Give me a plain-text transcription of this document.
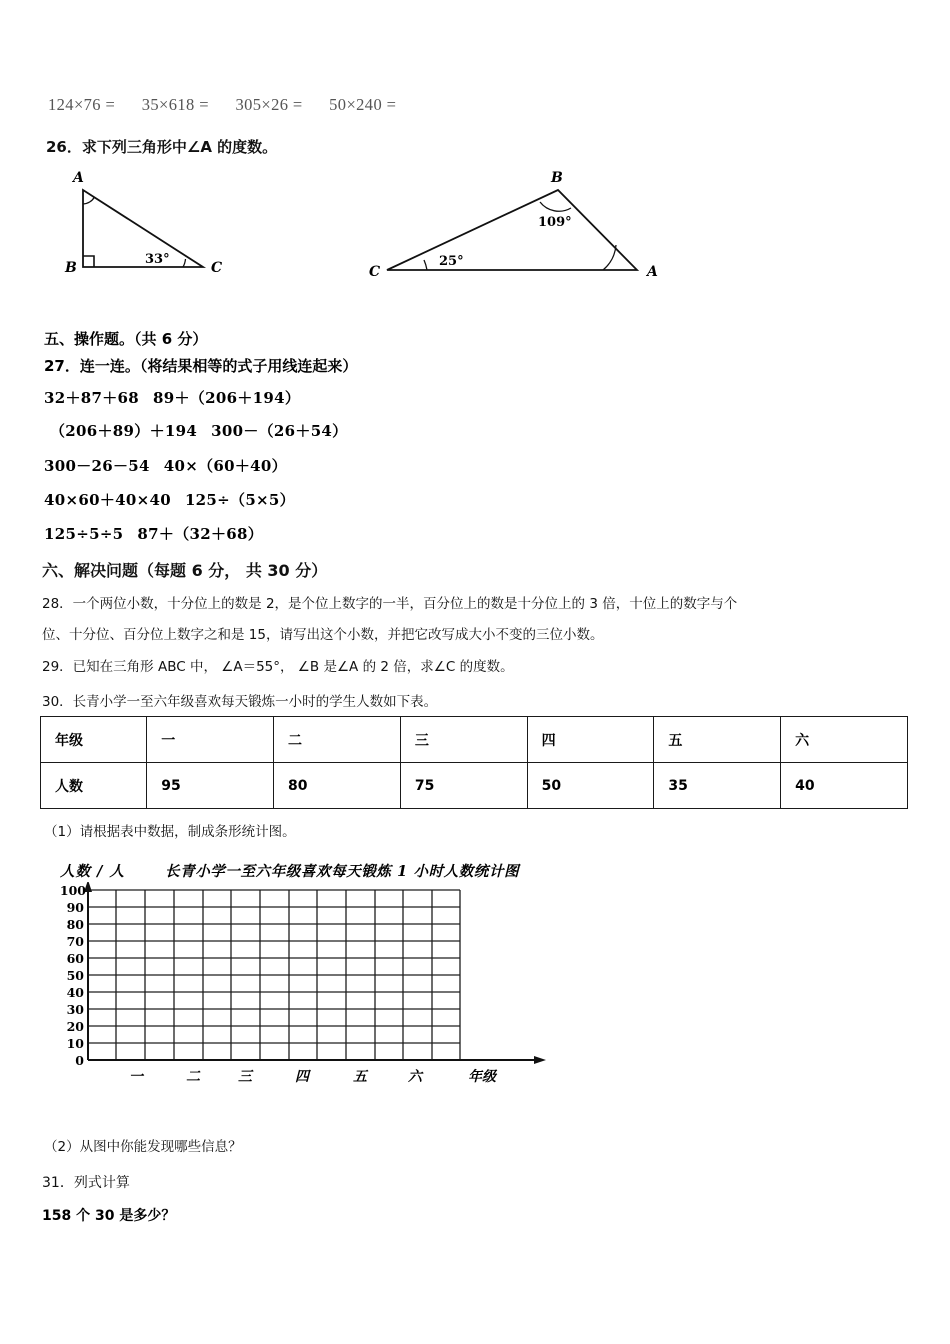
124×76 = 35×618 = 305×26 = 50×240 =
26．求下列三角形中∠A 的度数。
A
B	C
33°
B
C	A
109°
25°
五、操作题。（共 6 分）
27．连一连。（将结果相等的式子用线连起来）
32＋87＋68 89＋（206＋194）
（206＋89）＋194 300－（26＋54）
300－26－54 40×（60＋40）
40×60＋40×40 125÷（5×5）
125÷5÷5 87＋（32＋68）
六、解决问题（每题 6 分， 共 30 分）
28．一个两位小数，十分位上的数是 2，是个位上数字的一半，百分位上的数是十分位上的 3 倍，十位上的数字与个
位、十分位、百分位上数字之和是 15，请写出这个小数，并把它改写成大小不变的三位小数。
29．已知在三角形 ABC 中， ∠A＝55°， ∠B 是∠A 的 2 倍，求∠C 的度数。
30．长青小学一至六年级喜欢每天锻炼一小时的学生人数如下表。
年级	一	二	三	四	五	六
人数	95	80	75	50	35	40
（1）请根据表中数据，制成条形统计图。
人数 / 人	长青小学一至六年级喜欢每天锻炼 1 小时人数统计图
0
10
20
30
40
50
60
70
80
90
100
一	二	三	四	五	六	年级
（2）从图中你能发现哪些信息？
31．列式计算
158 个 30 是多少？
